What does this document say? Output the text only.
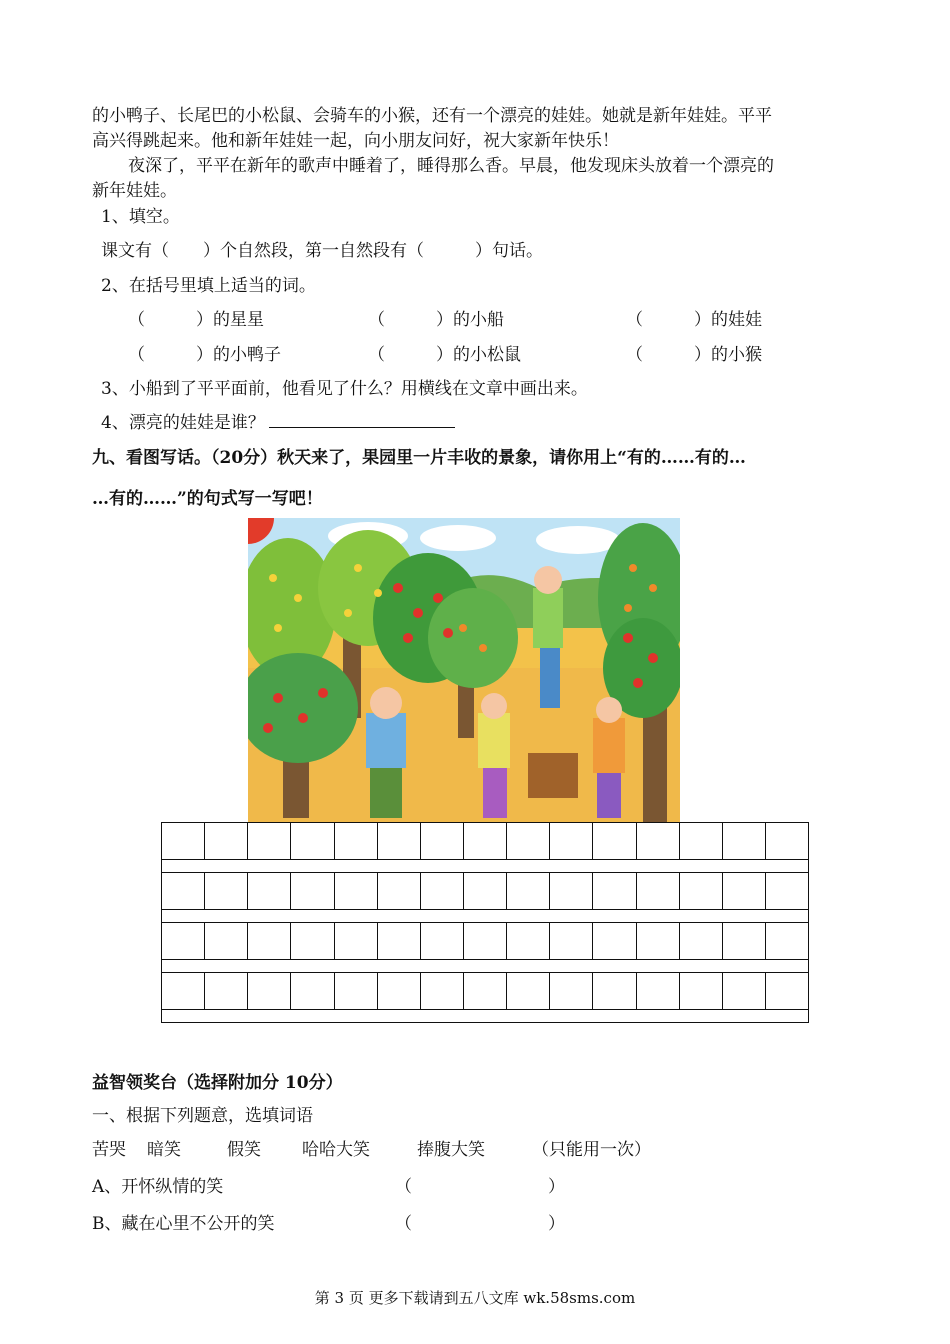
的小鸭子、长尾巴的小松鼠、会骑车的小猴，还有一个漂亮的娃娃。她就是新年娃娃。平平
高兴得跳起来。他和新年娃娃一起，向小朋友问好，祝大家新年快乐！
夜深了，平平在新年的歌声中睡着了，睡得那么香。早晨，他发现床头放着一个漂亮的
新年娃娃。
1、填空。
课文有（　　）个自然段，第一自然段有（　　　）句话。
2、在括号里填上适当的词。
（　　　）的星星	（　　　）的小船	（　　　）的娃娃
（　　　）的小鸭子	（　　　）的小松鼠	（　　　）的小猴
3、小船到了平平面前，他看见了什么？用横线在文章中画出来。
4、漂亮的娃娃是谁？
九、看图写话。（20分）秋天来了，果园里一片丰收的景象，请你用上“有的……有的…
…有的……”的句式写一写吧！
益智领奖台（选择附加分 10分）
一、根据下列题意，选填词语
苦哭 暗笑	假笑 哈哈大笑	捧腹大笑	（只能用一次）
A、开怀纵情的笑	（　　　　　　　　）
B、藏在心里不公开的笑	（　　　　　　　　）
第 3 页 更多下载请到五八文库 wk.58sms.com
